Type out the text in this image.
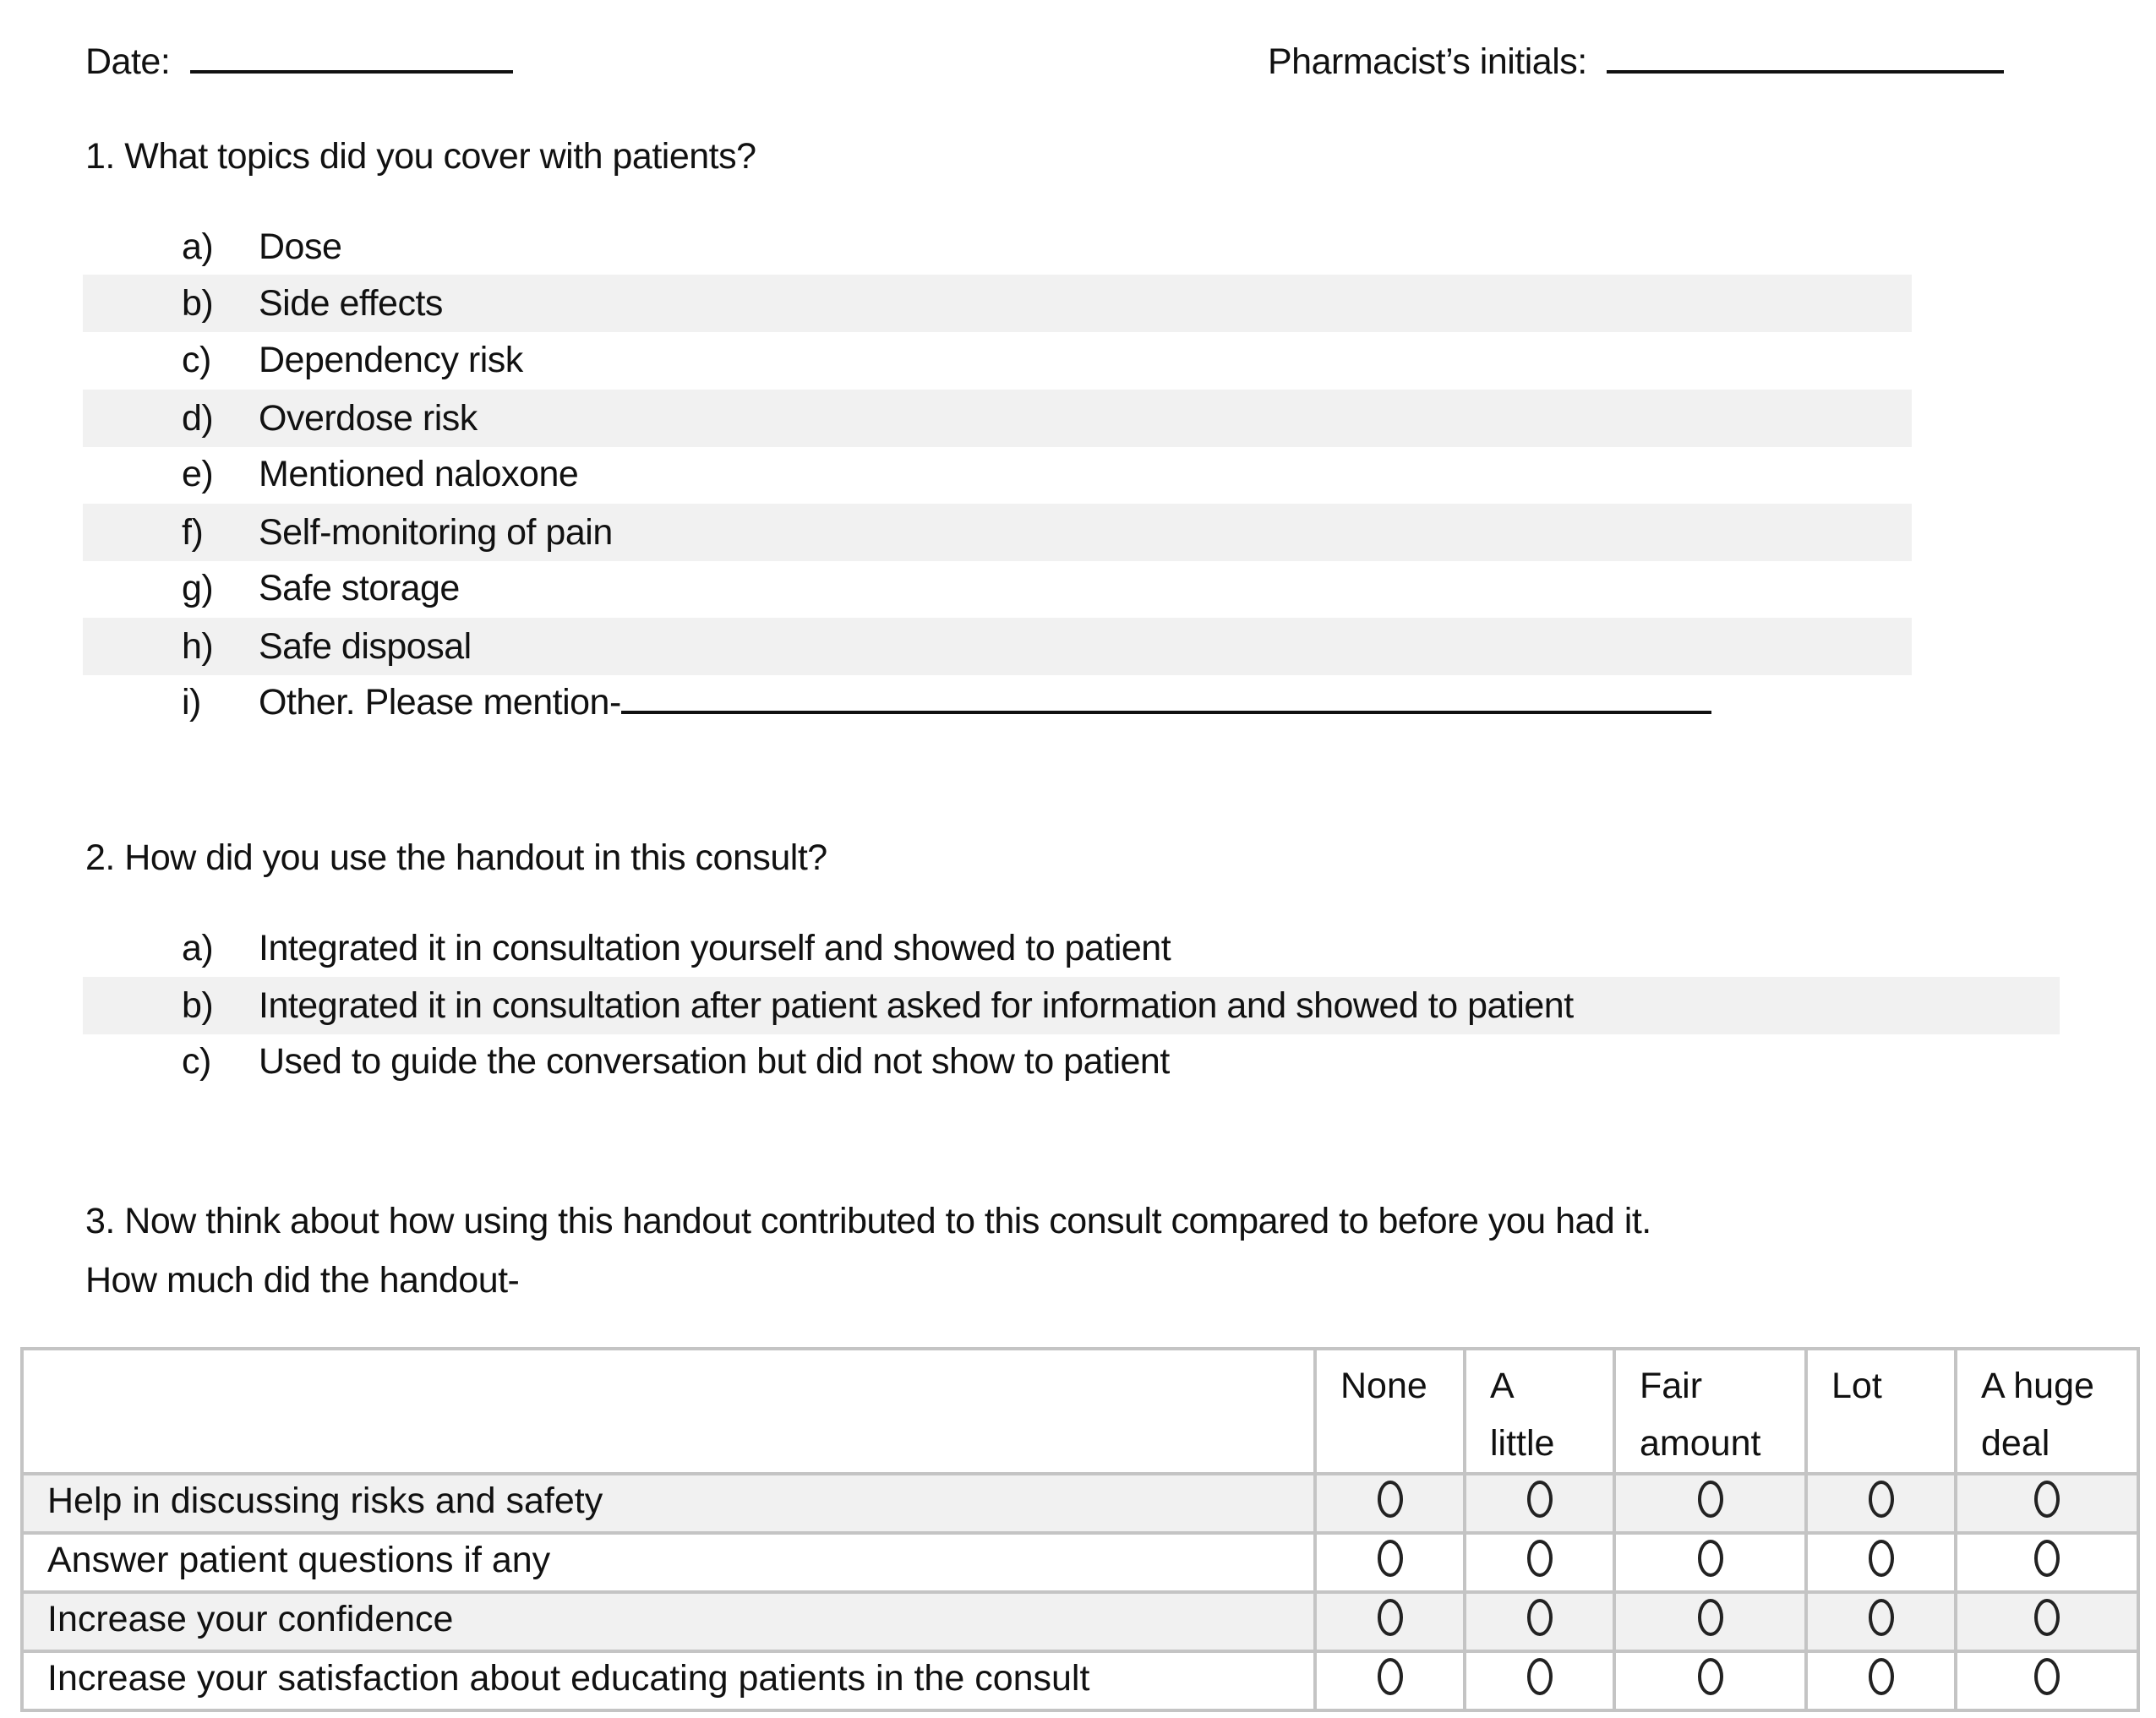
Date:	Pharmacist’s initials:
1. What topics did you cover with patients?
a) Dose
b) Side effects
c) Dependency risk
d) Overdose risk
e) Mentioned naloxone
f) Self-monitoring of pain
g) Safe storage
h) Safe disposal
i) Other. Please mention-
2. How did you use the handout in this consult?
a) Integrated it in consultation yourself and showed to patient
b) Integrated it in consultation after patient asked for information and showed to patient
c) Used to guide the conversation but did not show to patient
3. Now think about how using this handout contributed to this consult compared to before you had it.
How much did the handout-
	None	A little	Fair amount	Lot	A huge deal
Help in discussing risks and safety					
Answer patient questions if any					
Increase your confidence					
Increase your satisfaction about educating patients in the consult					
